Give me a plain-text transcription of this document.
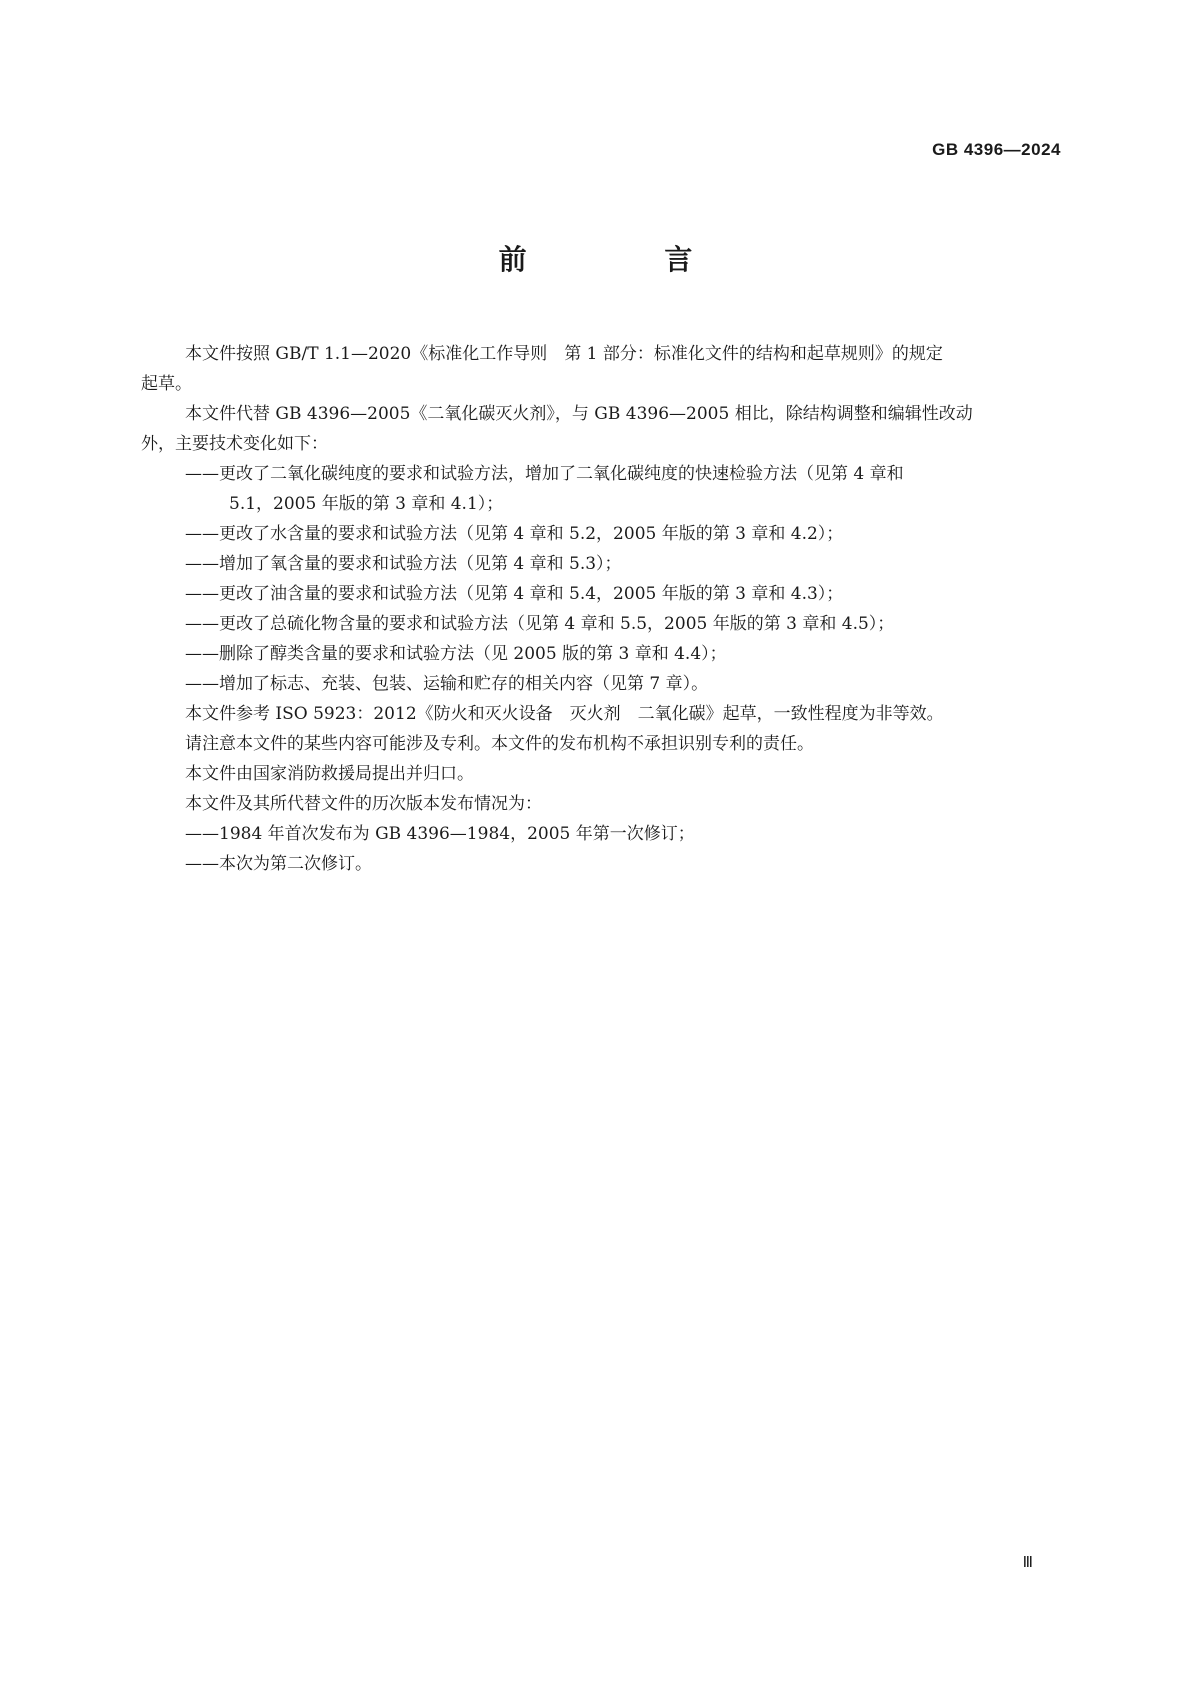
GB 4396—2024
前 言

本文件按照 GB/T 1.1—2020《标准化工作导则　第 1 部分：标准化文件的结构和起草规则》的规定
起草。

本文件代替 GB 4396—2005《二氧化碳灭火剂》，与 GB 4396—2005 相比，除结构调整和编辑性改动
外，主要技术变化如下：

——更改了二氧化碳纯度的要求和试验方法，增加了二氧化碳纯度的快速检验方法（见第 4 章和
5.1，2005 年版的第 3 章和 4.1）；

——更改了水含量的要求和试验方法（见第 4 章和 5.2，2005 年版的第 3 章和 4.2）；

——增加了氧含量的要求和试验方法（见第 4 章和 5.3）；

——更改了油含量的要求和试验方法（见第 4 章和 5.4，2005 年版的第 3 章和 4.3）；

——更改了总硫化物含量的要求和试验方法（见第 4 章和 5.5，2005 年版的第 3 章和 4.5）；

——删除了醇类含量的要求和试验方法（见 2005 版的第 3 章和 4.4）；

——增加了标志、充装、包装、运输和贮存的相关内容（见第 7 章）。

本文件参考 ISO 5923：2012《防火和灭火设备　灭火剂　二氧化碳》起草，一致性程度为非等效。

请注意本文件的某些内容可能涉及专利。本文件的发布机构不承担识别专利的责任。

本文件由国家消防救援局提出并归口。

本文件及其所代替文件的历次版本发布情况为：

——1984 年首次发布为 GB 4396—1984，2005 年第一次修订；

——本次为第二次修订。

Ⅲ
